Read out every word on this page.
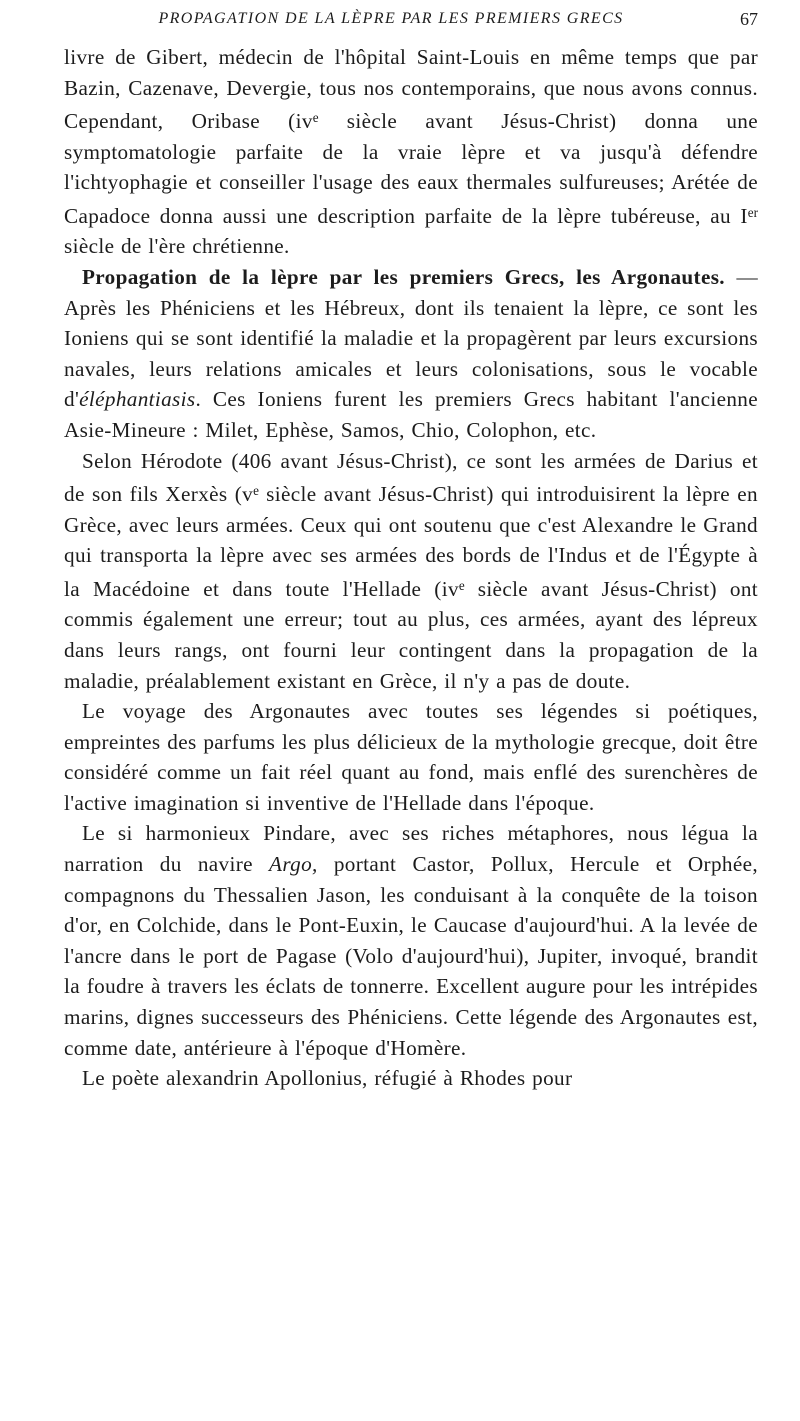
PROPAGATION DE LA LÈPRE PAR LES PREMIERS GRECS	67

livre de Gibert, médecin de l'hôpital Saint-Louis en même temps que par Bazin, Cazenave, Devergie, tous nos contemporains, que nous avons connus. Cependant, Oribase ($iv^e$ siècle avant Jésus-Christ) donna une symptomatologie parfaite de la vraie lèpre et va jusqu'à défendre l'ichtyophagie et conseiller l'usage des eaux thermales sulfureuses; Arétée de Capadoce donna aussi une description parfaite de la lèpre tubéreuse, au Ier siècle de l'ère chrétienne.

Propagation de la lèpre par les premiers Grecs, les Argonautes. — Après les Phéniciens et les Hébreux, dont ils tenaient la lèpre, ce sont les Ioniens qui se sont identifié la maladie et la propagèrent par leurs excursions navales, leurs relations amicales et leurs colonisations, sous le vocable d'éléphantiasis. Ces Ioniens furent les premiers Grecs habitant l'ancienne Asie-Mineure : Milet, Ephèse, Samos, Chio, Colophon, etc.

Selon Hérodote (406 avant Jésus-Christ), ce sont les armées de Darius et de son fils Xerxès ($v^e$ siècle avant Jésus-Christ) qui introduisirent la lèpre en Grèce, avec leurs armées. Ceux qui ont soutenu que c'est Alexandre le Grand qui transporta la lèpre avec ses armées des bords de l'Indus et de l'Égypte à la Macédoine et dans toute l'Hellade ($iv^e$ siècle avant Jésus-Christ) ont commis également une erreur; tout au plus, ces armées, ayant des lépreux dans leurs rangs, ont fourni leur contingent dans la propagation de la maladie, préalablement existant en Grèce, il n'y a pas de doute.

Le voyage des Argonautes avec toutes ses légendes si poétiques, empreintes des parfums les plus délicieux de la mythologie grecque, doit être considéré comme un fait réel quant au fond, mais enflé des surenchères de l'active imagination si inventive de l'Hellade dans l'époque.

Le si harmonieux Pindare, avec ses riches métaphores, nous légua la narration du navire Argo, portant Castor, Pollux, Hercule et Orphée, compagnons du Thessalien Jason, les conduisant à la conquête de la toison d'or, en Colchide, dans le Pont-Euxin, le Caucase d'aujourd'hui. A la levée de l'ancre dans le port de Pagase (Volo d'aujourd'hui), Jupiter, invoqué, brandit la foudre à travers les éclats de tonnerre. Excellent augure pour les intrépides marins, dignes successeurs des Phéniciens. Cette légende des Argonautes est, comme date, antérieure à l'époque d'Homère.

Le poète alexandrin Apollonius, réfugié à Rhodes pour
